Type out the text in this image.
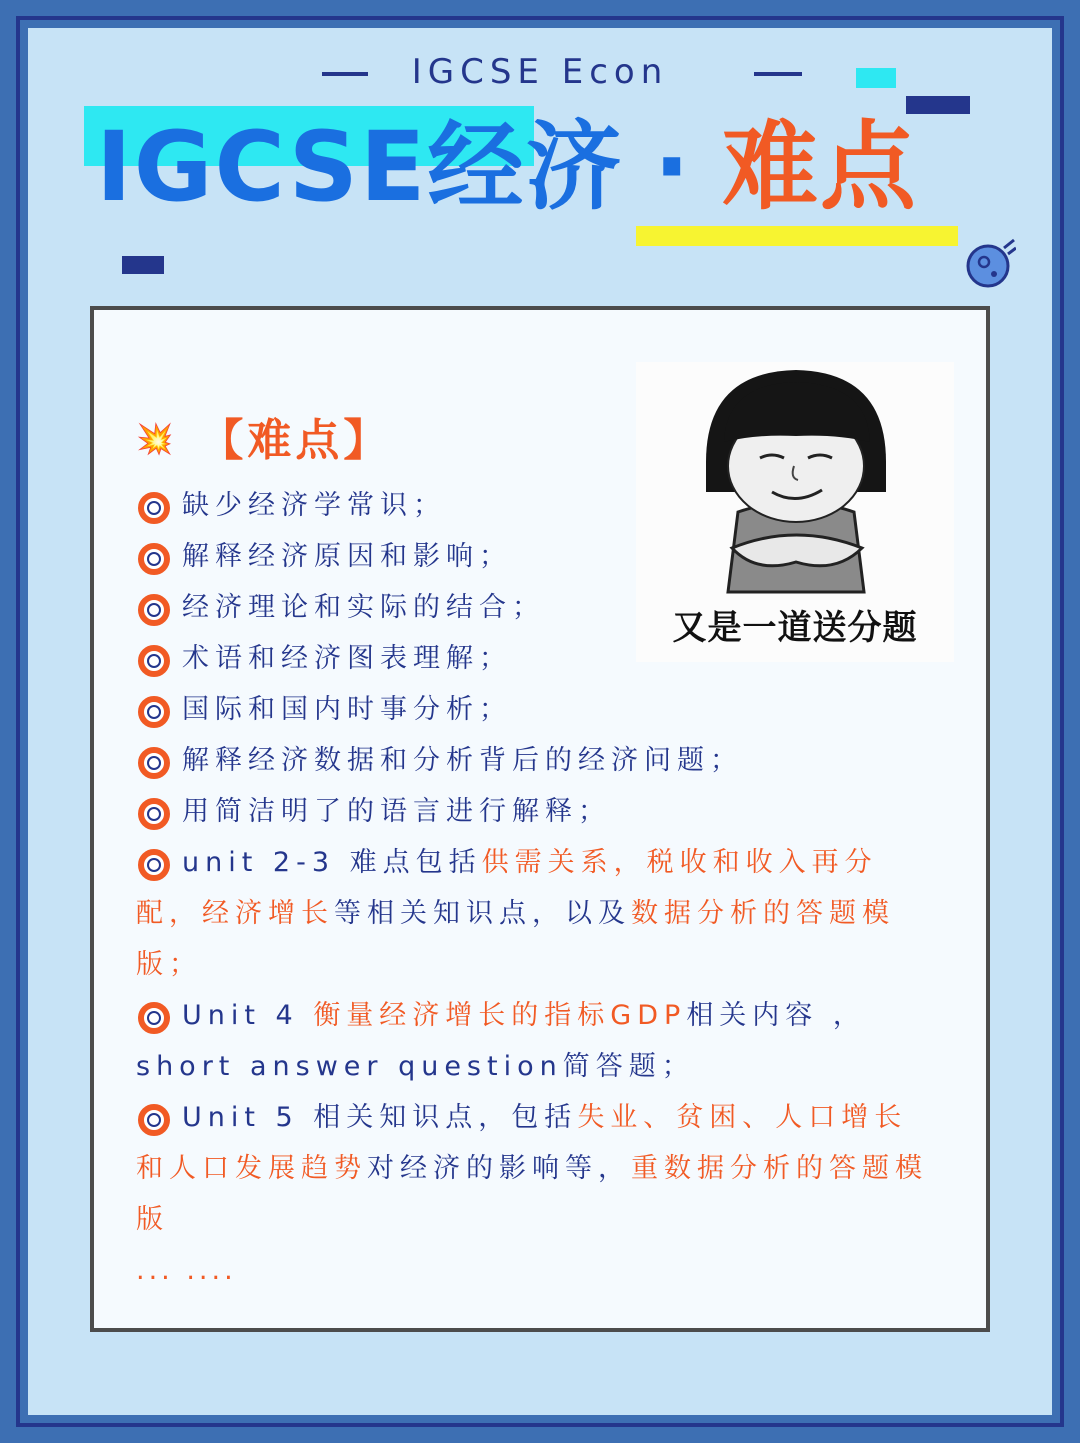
IGCSE Econ
IGCSE经济 · 难点
💥 【难点】
缺少经济学常识；
解释经济原因和影响；
经济理论和实际的结合；
术语和经济图表理解；
国际和国内时事分析；
解释经济数据和分析背后的经济问题；
用简洁明了的语言进行解释；
unit 2-3 难点包括供需关系，税收和收入再分配，经济增长等相关知识点，以及数据分析的答题模版；
Unit 4 衡量经济增长的指标GDP相关内容 ，short answer question简答题；
Unit 5 相关知识点，包括失业、贫困、人口增长和人口发展趋势对经济的影响等，重数据分析的答题模版
... ....
又是一道送分题
